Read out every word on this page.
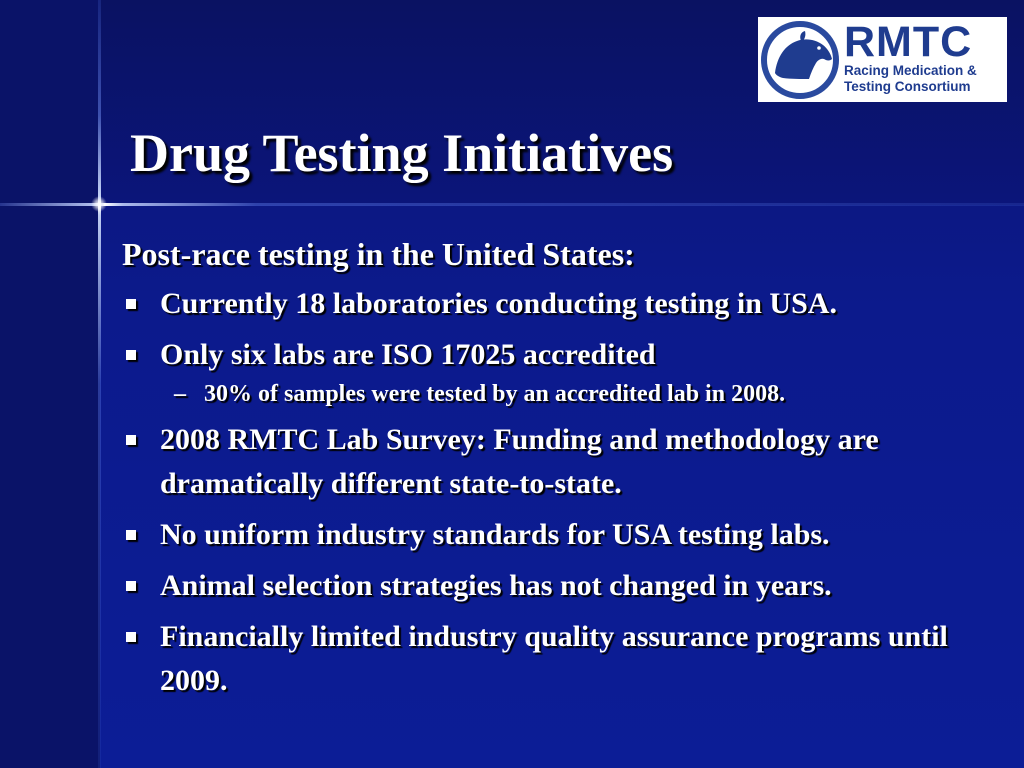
RMTC
Racing Medication &
Testing Consortium
Drug Testing Initiatives

Post-race testing in the United States:

Currently 18 laboratories conducting testing in USA.
Only six labs are ISO 17025 accredited
– 30% of samples were tested by an accredited lab in 2008.
2008 RMTC Lab Survey: Funding and methodology are dramatically different state-to-state.
No uniform industry standards for USA testing labs.
Animal selection strategies has not changed in years.
Financially limited industry quality assurance programs until 2009.
